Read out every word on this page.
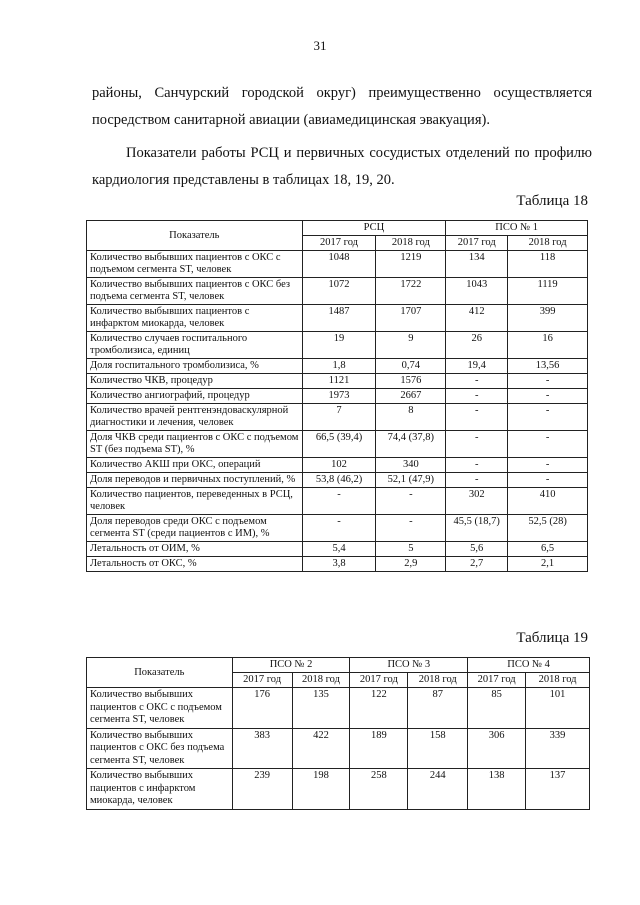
31
районы, Санчурский городской округ) преимущественно осуществляется посредством санитарной авиации (авиамедицинская эвакуация).
Показатели работы РСЦ и первичных сосудистых отделений по профилю кардиология представлены в таблицах 18, 19, 20.
Таблица 18
Показатель	РСЦ		ПСО № 1	
	2017 год	2018 год	2017 год	2018 год
Количество выбывших пациентов с ОКС с подъемом сегмента ST, человек	1048	1219	134	118
Количество выбывших пациентов с ОКС без подъема сегмента ST, человек	1072	1722	1043	1119
Количество выбывших пациентов с инфарктом миокарда, человек	1487	1707	412	399
Количество случаев госпитального тромболизиса, единиц	19	9	26	16
Доля госпитального тромболизиса, %	1,8	0,74	19,4	13,56
Количество ЧКВ, процедур	1121	1576	-	-
Количество ангиографий, процедур	1973	2667	-	-
Количество врачей рентгенэндоваскулярной диагностики и лечения, человек	7	8	-	-
Доля ЧКВ среди пациентов с ОКС с подъемом ST (без подъема ST), %	66,5 (39,4)	74,4 (37,8)	-	-
Количество АКШ при ОКС, операций	102	340	-	-
Доля переводов и первичных поступлений, %	53,8 (46,2)	52,1 (47,9)	-	-
Количество пациентов, переведенных в РСЦ, человек	-	-	302	410
Доля переводов среди ОКС с подъемом сегмента ST (среди пациентов с ИМ), %	-	-	45,5 (18,7)	52,5 (28)
Летальность от ОИМ, %	5,4	5	5,6	6,5
Летальность от ОКС, %	3,8	2,9	2,7	2,1
Таблица 19
Показатель	ПСО № 2		ПСО № 3		ПСО № 4	
	2017 год	2018 год	2017 год	2018 год	2017 год	2018 год
Количество выбывших пациентов с ОКС с подъемом сегмента ST, человек	176	135	122	87	85	101
Количество выбывших пациентов с ОКС без подъема сегмента ST, человек	383	422	189	158	306	339
Количество выбывших пациентов с инфарктом миокарда, человек	239	198	258	244	138	137
